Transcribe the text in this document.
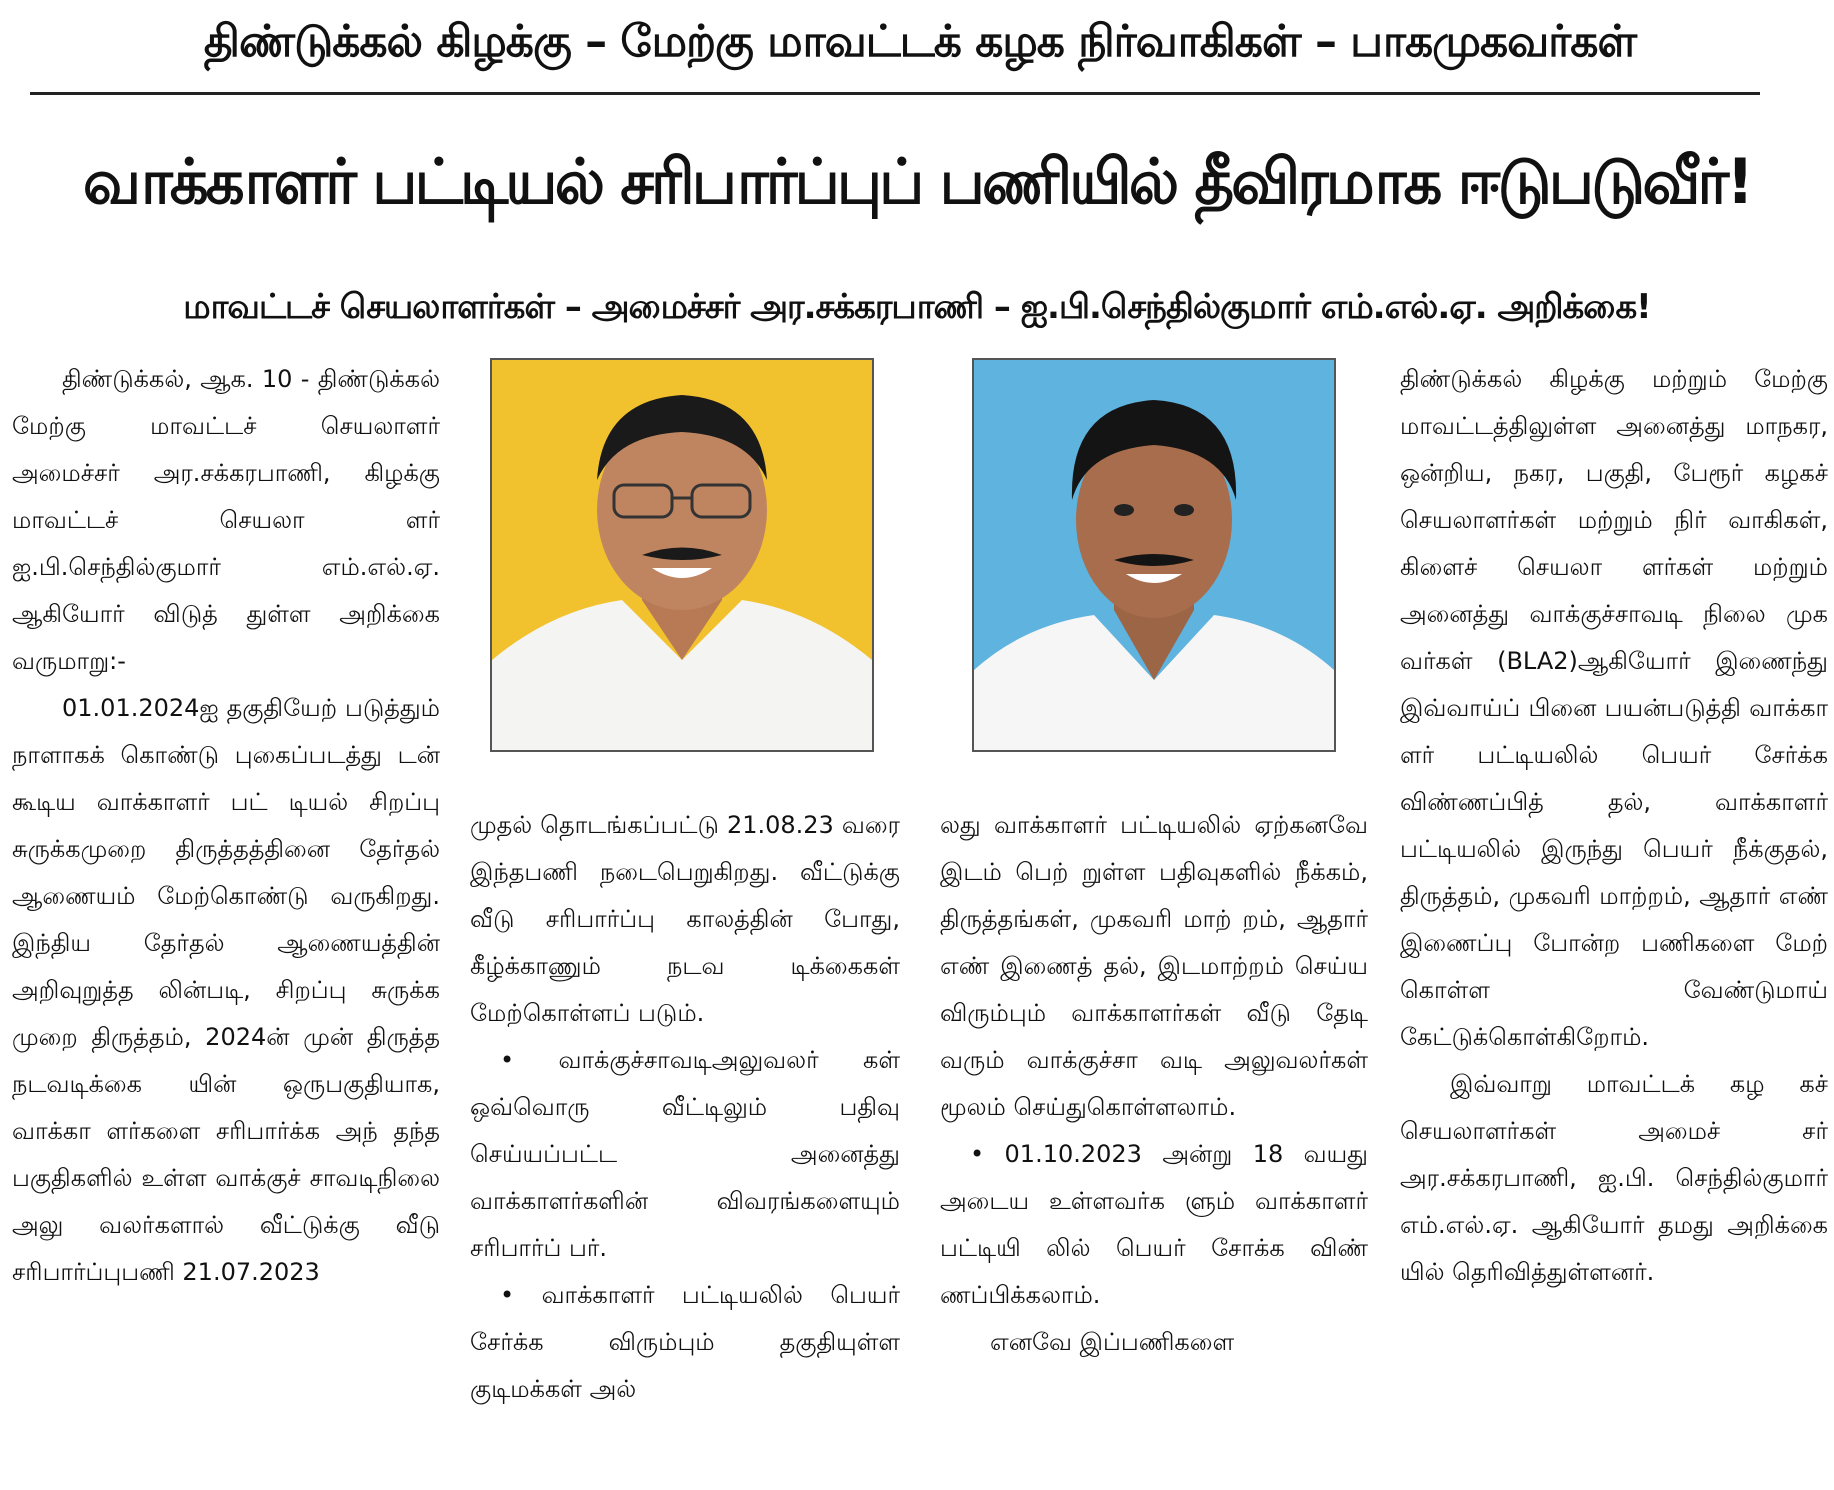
திண்டுக்கல் கிழக்கு – மேற்கு மாவட்டக் கழக நிர்வாகிகள் – பாகமுகவர்கள்
வாக்காளர் பட்டியல் சரிபார்ப்புப் பணியில் தீவிரமாக ஈடுபடுவீர்!
மாவட்டச் செயலாளர்கள் – அமைச்சர் அர.சக்கரபாணி – ஐ.பி.செந்தில்குமார் எம்.எல்.ஏ. அறிக்கை!

திண்டுக்கல், ஆக. 10 - திண்டுக்கல் மேற்கு மாவட்டச் செயலாளர் அமைச்சர் அர.சக்கரபாணி, கிழக்கு மாவட்டச் செயலா ளர் ஐ.பி.செந்தில்குமார் எம்.எல்.ஏ. ஆகியோர் விடுத் துள்ள அறிக்கை வருமாறு:-

01.01.2024ஐ தகுதியேற் படுத்தும் நாளாகக் கொண்டு புகைப்படத்து டன் கூடிய வாக்காளர் பட் டியல் சிறப்பு சுருக்கமுறை திருத்தத்தினை தேர்தல் ஆணையம் மேற்கொண்டு வருகிறது. இந்திய தேர்தல் ஆணையத்தின் அறிவுறுத்த லின்படி, சிறப்பு சுருக்க முறை திருத்தம், 2024ன் முன் திருத்த நடவடிக்கை யின் ஒருபகுதியாக, வாக்கா ளர்களை சரிபார்க்க அந் தந்த பகுதிகளில் உள்ள வாக்குச் சாவடிநிலை அலு வலர்களால் வீட்டுக்கு வீடு சரிபார்ப்புபணி 21.07.2023

முதல் தொடங்கப்பட்டு 21.08.23 வரை இந்தபணி நடைபெறுகிறது. வீட்டுக்கு வீடு சரிபார்ப்பு காலத்தின் போது, கீழ்க்காணும் நடவ டிக்கைகள் மேற்கொள்ளப் படும்.

• வாக்குச்சாவடிஅலுவலர் கள் ஒவ்வொரு வீட்டிலும் பதிவு செய்யப்பட்ட அனைத்து வாக்காளர்களின் விவரங்களையும் சரிபார்ப் பர்.

• வாக்காளர் பட்டியலில் பெயர் சேர்க்க விரும்பும் தகுதியுள்ள குடிமக்கள் அல்

லது வாக்காளர் பட்டியலில் ஏற்கனவே இடம் பெற் றுள்ள பதிவுகளில் நீக்கம், திருத்தங்கள், முகவரி மாற் றம், ஆதார் எண் இணைத் தல், இடமாற்றம் செய்ய விரும்பும் வாக்காளர்கள் வீடு தேடி வரும் வாக்குச்சா வடி அலுவலர்கள் மூலம் செய்துகொள்ளலாம்.

• 01.10.2023 அன்று 18 வயது அடைய உள்ளவர்க ளும் வாக்காளர் பட்டியி லில் பெயர் சோக்க விண் ணப்பிக்கலாம்.

எனவே இப்பணிகளை

திண்டுக்கல் கிழக்கு மற்றும் மேற்கு மாவட்டத்திலுள்ள அனைத்து மாநகர, ஒன்றிய, நகர, பகுதி, பேரூர் கழகச் செயலாளர்கள் மற்றும் நிர் வாகிகள், கிளைச் செயலா ளர்கள் மற்றும் அனைத்து வாக்குச்சாவடி நிலை முக வர்கள் (BLA2)ஆகியோர் இணைந்து இவ்வாய்ப் பினை பயன்படுத்தி வாக்கா ளர் பட்டியலில் பெயர் சேர்க்க விண்ணப்பித் தல், வாக்காளர் பட்டியலில் இருந்து பெயர் நீக்குதல், திருத்தம், முகவரி மாற்றம், ஆதார் எண் இணைப்பு போன்ற பணிகளை மேற் கொள்ள வேண்டுமாய் கேட்டுக்கொள்கிறோம்.

இவ்வாறு மாவட்டக் கழ கச் செயலாளர்கள் அமைச் சர் அர.சக்கரபாணி, ஐ.பி. செந்தில்குமார் எம்.எல்.ஏ. ஆகியோர் தமது அறிக்கை யில் தெரிவித்துள்ளனர்.
